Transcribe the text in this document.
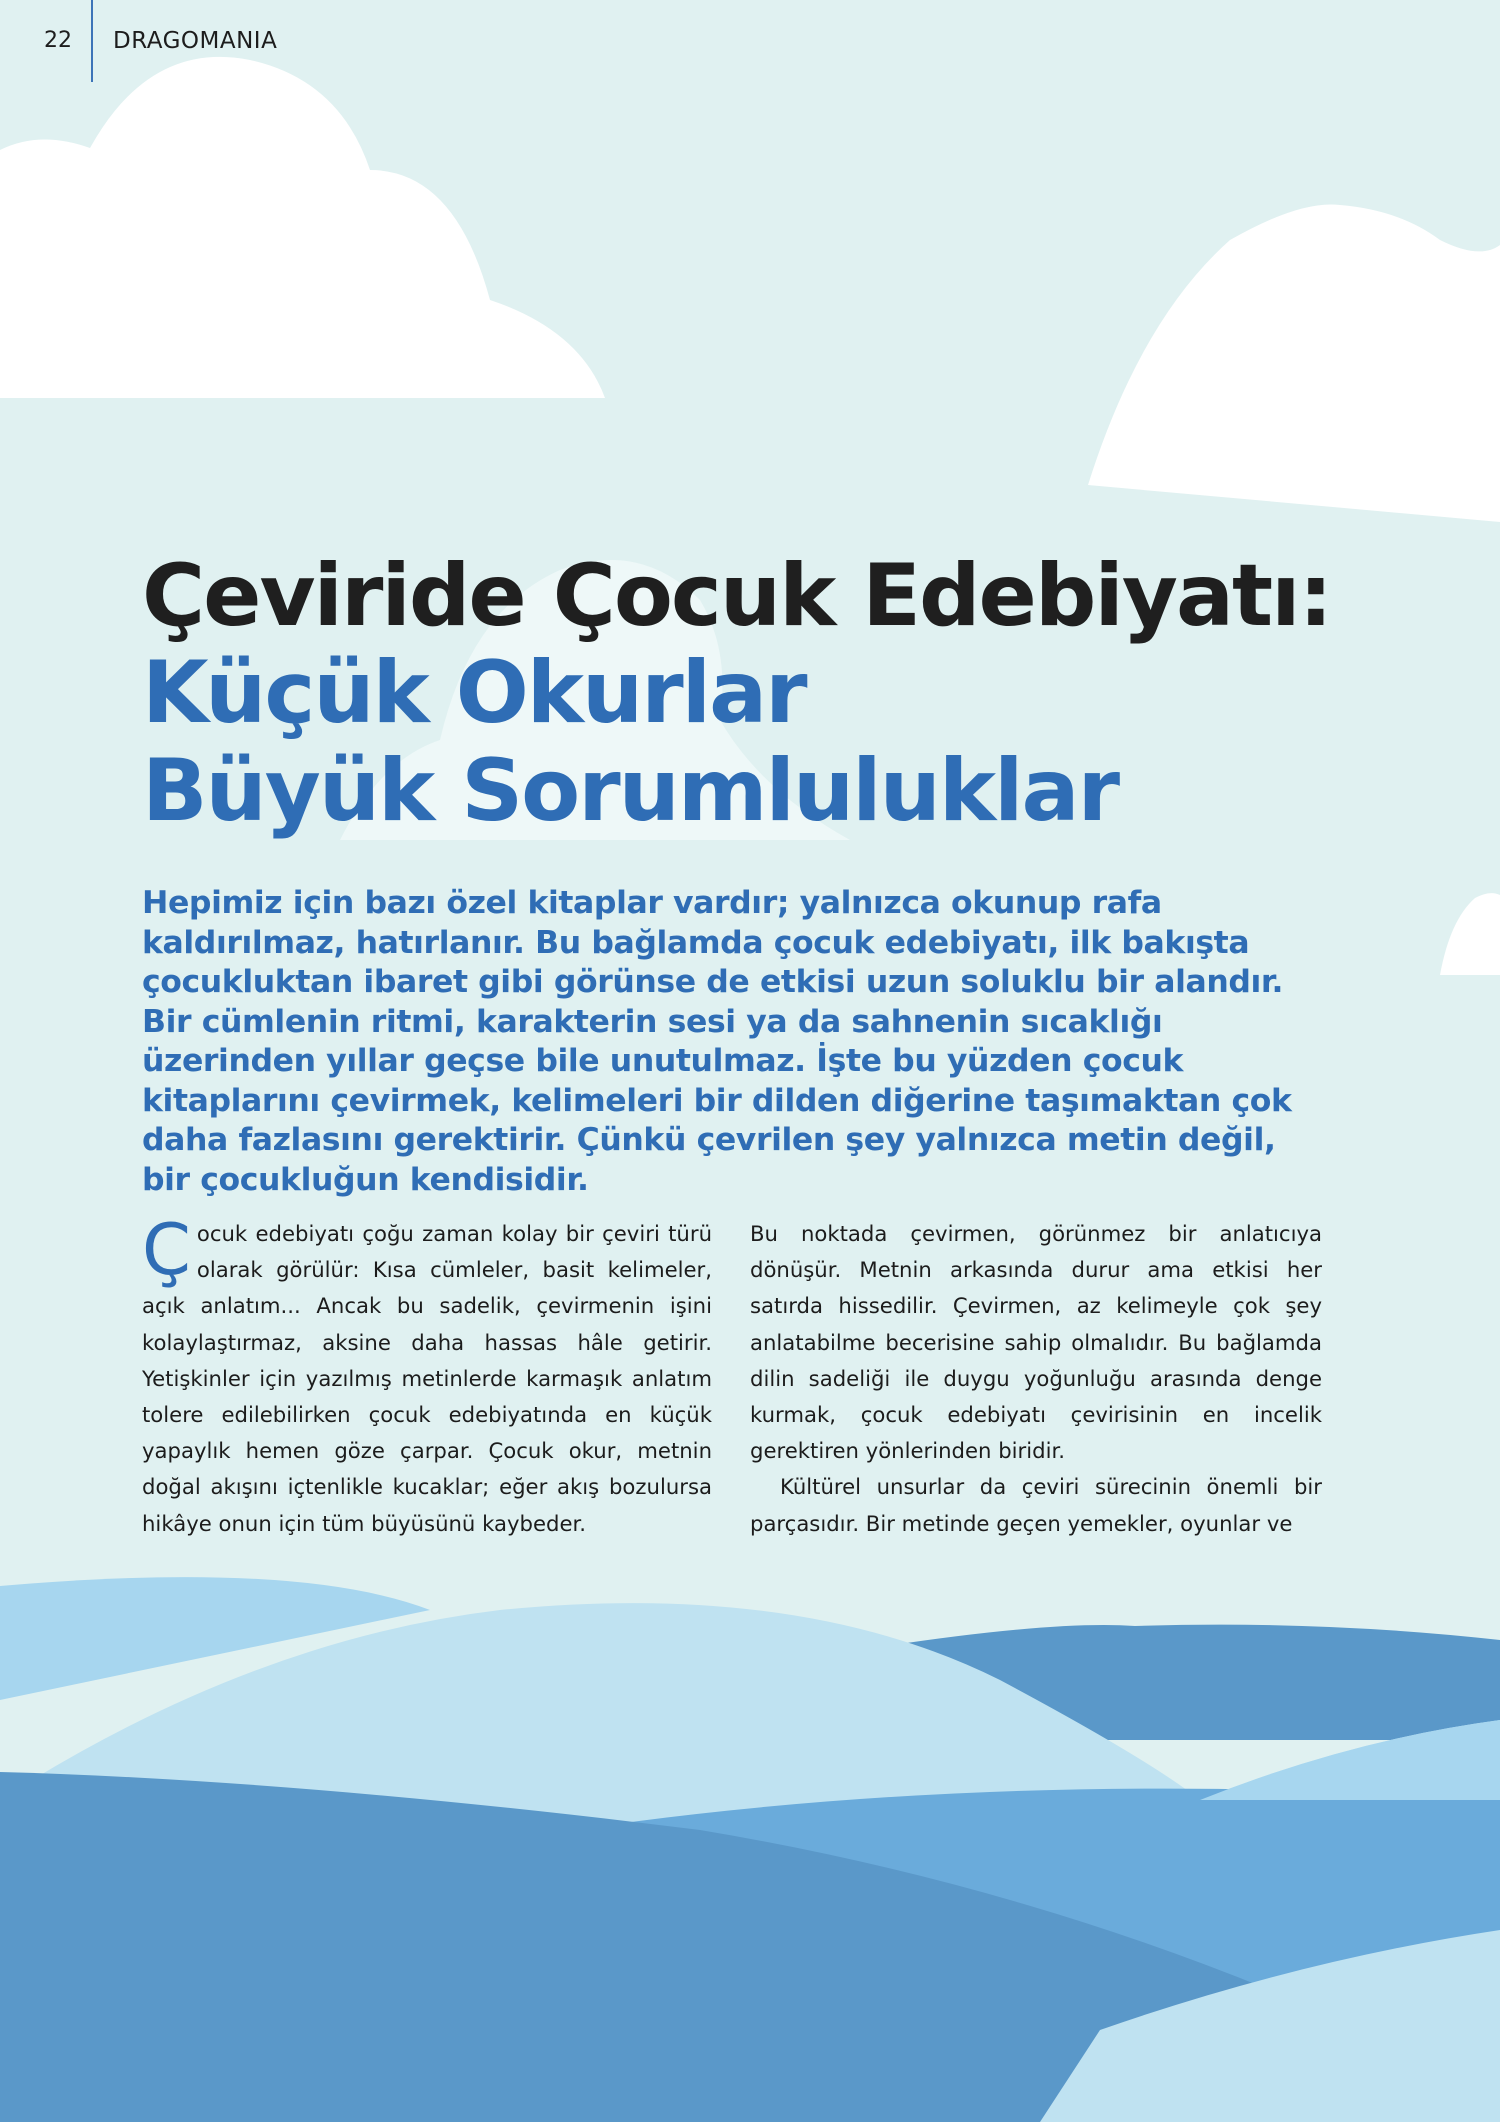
22 DRAGOMANIA
Çeviride Çocuk Edebiyatı:
Küçük Okurlar
Büyük Sorumluluklar
Hepimiz için bazı özel kitaplar vardır; yalnızca okunup rafa kaldırılmaz, hatırlanır. Bu bağlamda çocuk edebiyatı, ilk bakışta çocukluktan ibaret gibi görünse de etkisi uzun soluklu bir alandır. Bir cümlenin ritmi, karakterin sesi ya da sahnenin sıcaklığı üzerinden yıllar geçse bile unutulmaz. İşte bu yüzden çocuk kitaplarını çevirmek, kelimeleri bir dilden diğerine taşımaktan çok daha fazlasını gerektirir. Çünkü çevrilen şey yalnızca metin değil, bir çocukluğun kendisidir.

Çocuk edebiyatı çoğu zaman kolay bir çeviri türü olarak görülür: Kısa cümleler, basit kelimeler, açık anlatım... Ancak bu sadelik, çevirmenin işini kolaylaştırmaz, aksine daha hassas hâle getirir. Yetişkinler için yazılmış metinlerde karmaşık anlatım tolere edilebilirken çocuk edebiyatında en küçük yapaylık hemen göze çarpar. Çocuk okur, metnin doğal akışını içtenlikle kucaklar; eğer akış bozulursa hikâye onun için tüm büyüsünü kaybeder.

Bu noktada çevirmen, görünmez bir anlatıcıya dönüşür. Metnin arkasında durur ama etkisi her satırda hissedilir. Çevirmen, az kelimeyle çok şey anlatabilme becerisine sahip olmalıdır. Bu bağlamda dilin sadeliği ile duygu yoğunluğu arasında denge kurmak, çocuk edebiyatı çevirisinin en incelik gerektiren yönlerinden biridir.

Kültürel unsurlar da çeviri sürecinin önemli bir parçasıdır. Bir metinde geçen yemekler, oyunlar ve
